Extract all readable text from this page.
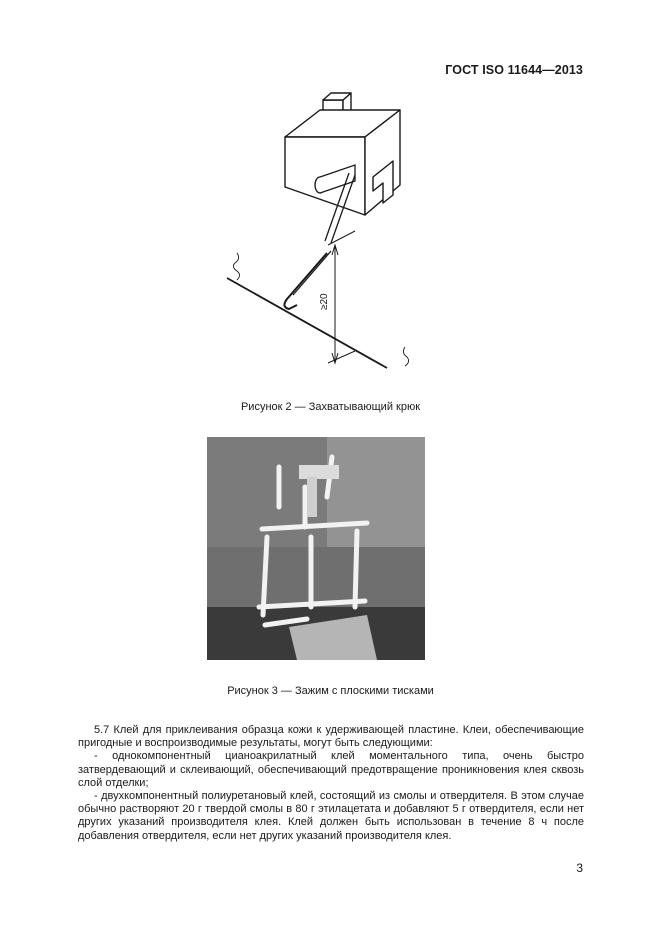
ГОСТ ISO 11644—2013
≥20
Рисунок 2 — Захватывающий крюк
Рисунок 3 — Зажим с плоскими тисками

5.7 Клей для приклеивания образца кожи к удерживающей пластине. Клеи, обеспечивающие пригодные и воспроизводимые результаты, могут быть следующими:

- однокомпонентный цианоакрилатный клей моментального типа, очень быстро затвердевающий и склеивающий, обеспечивающий предотвращение проникновения клея сквозь слой отделки;

- двухкомпонентный полиуретановый клей, состоящий из смолы и отвердителя. В этом случае обычно растворяют 20 г твердой смолы в 80 г этилацетата и добавляют 5 г отвердителя, если нет других указаний производителя клея. Клей должен быть использован в течение 8 ч после добавления отвердителя, если нет других указаний производителя клея.

3
